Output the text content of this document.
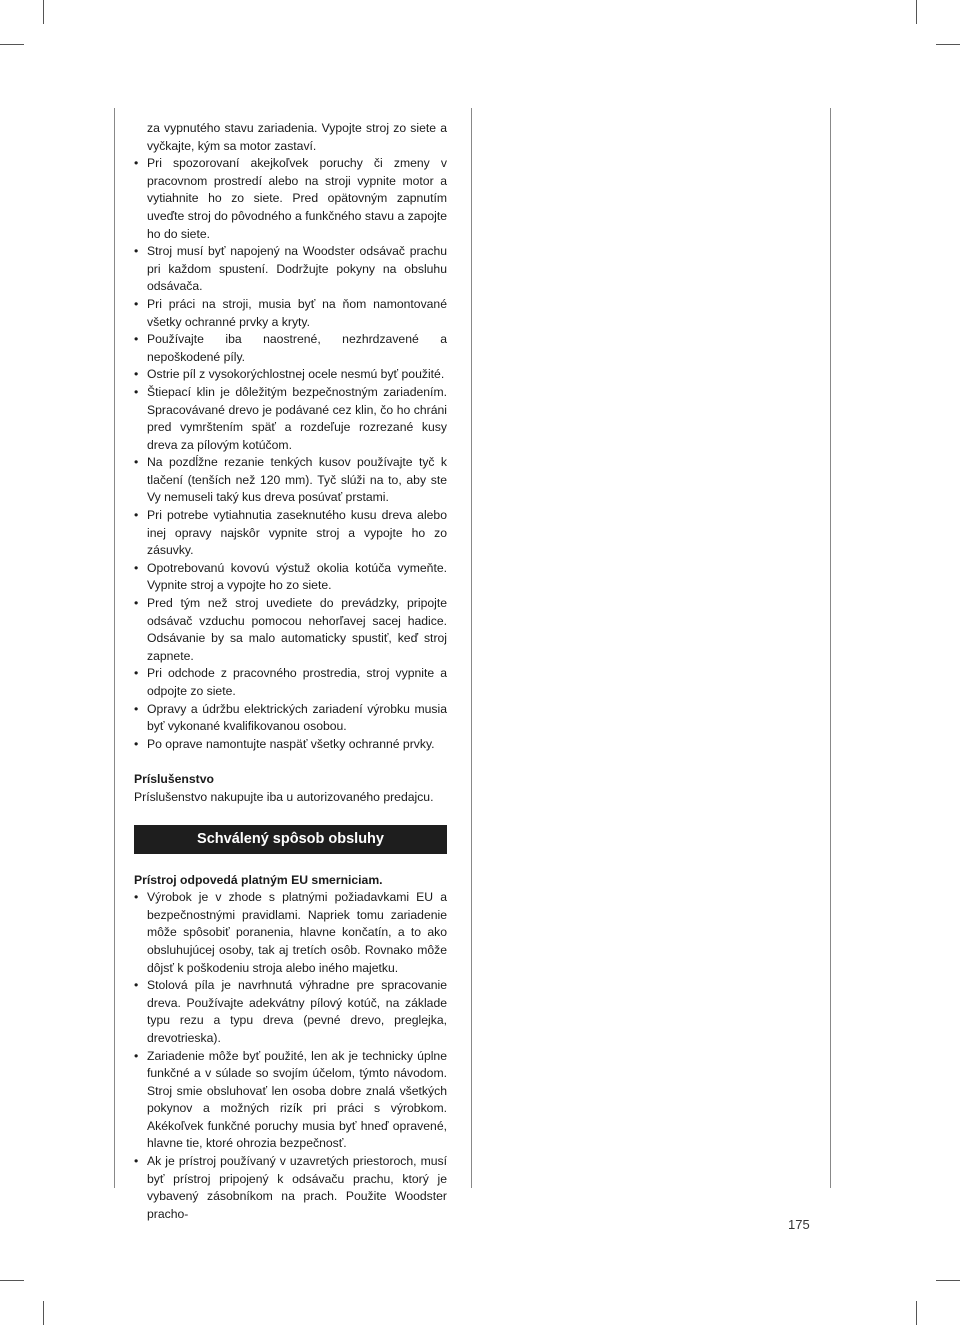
za vypnutého stavu zariadenia. Vypojte stroj zo siete a vyčkajte, kým sa motor zastaví.

• Pri spozorovaní akejkoľvek poruchy či zmeny v pracovnom prostredí alebo na stroji vypnite motor a vytiahnite ho zo siete. Pred opätovným zapnutím uveďte stroj do pôvodného a funkčného stavu a zapojte ho do siete.
• Stroj musí byť napojený na Woodster odsávač prachu pri každom spustení. Dodržujte pokyny na obsluhu odsávača.
• Pri práci na stroji, musia byť na ňom namontované všetky ochranné prvky a kryty.
• Používajte iba naostrené, nezhrdzavené a nepoškodené píly.
• Ostrie píl z vysokorýchlostnej ocele nesmú byť použité.
• Štiepací klin je dôležitým bezpečnostným zariadením. Spracovávané drevo je podávané cez klin, čo ho chráni pred vymrštením späť a rozdeľuje rozrezané kusy dreva za pílovým kotúčom.
• Na pozdĺžne rezanie tenkých kusov používajte tyč k tlačení (tenších než 120 mm). Tyč slúži na to, aby ste Vy nemuseli taký kus dreva posúvať prstami.
• Pri potrebe vytiahnutia zaseknutého kusu dreva alebo inej opravy najskôr vypnite stroj a vypojte ho zo zásuvky.
• Opotrebovanú kovovú výstuž okolia kotúča vymeňte. Vypnite stroj a vypojte ho zo siete.
• Pred tým než stroj uvediete do prevádzky, pripojte odsávač vzduchu pomocou nehorľavej sacej hadice. Odsávanie by sa malo automaticky spustiť, keď stroj zapnete.
• Pri odchode z pracovného prostredia, stroj vypnite a odpojte zo siete.
• Opravy a údržbu elektrických zariadení výrobku musia byť vykonané kvalifikovanou osobou.
• Po oprave namontujte naspäť všetky ochranné prvky.

Príslušenstvo

Príslušenstvo nakupujte iba u autorizovaného predajcu.

Schválený spôsob obsluhy

Prístroj odpovedá platným EU smerniciam.

• Výrobok je v zhode s platnými požiadavkami EU a bezpečnostnými pravidlami. Napriek tomu zariadenie môže spôsobiť poranenia, hlavne končatín, a to ako obsluhujúcej osoby, tak aj tretích osôb. Rovnako môže dôjsť k poškodeniu stroja alebo iného majetku.
• Stolová píla je navrhnutá výhradne pre spracovanie dreva. Používajte adekvátny pílový kotúč, na základe typu rezu a typu dreva (pevné drevo, preglejka, drevotrieska).
• Zariadenie môže byť použité, len ak je technicky úplne funkčné a v súlade so svojím účelom, týmto návodom. Stroj smie obsluhovať len osoba dobre znalá všetkých pokynov a možných rizík pri práci s výrobkom. Akékoľvek funkčné poruchy musia byť hneď opravené, hlavne tie, ktoré ohrozia bezpečnosť.
• Ak je prístroj používaný v uzavretých priestoroch, musí byť prístroj pripojený k odsávaču prachu, ktorý je vybavený zásobníkom na prach. Použite Woodster pracho-
175
